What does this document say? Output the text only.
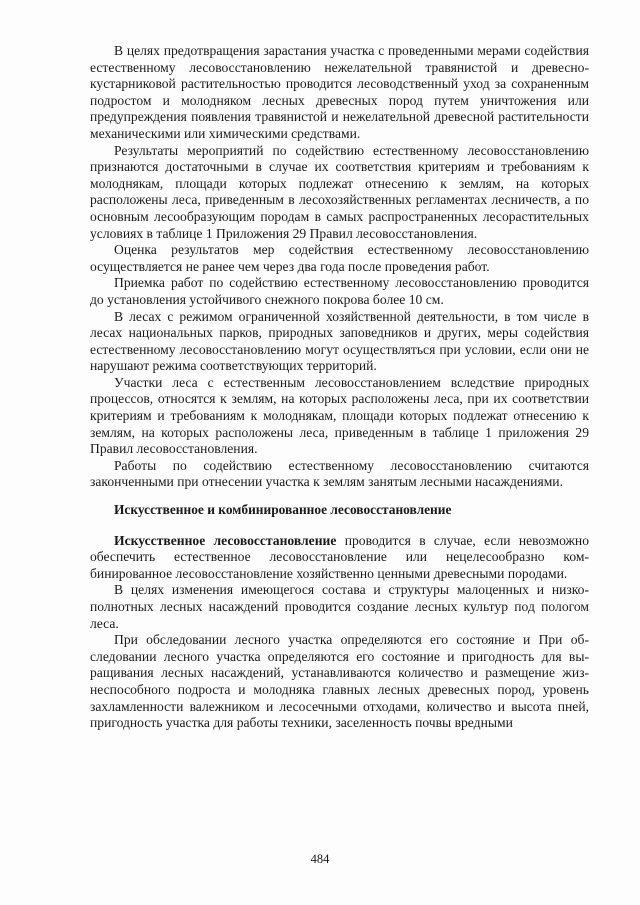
В целях предотвращения зарастания участка с проведенными мерами содействия естественному лесовосстановлению нежелательной травянистой и древесно-кустарниковой растительностью проводится лесоводственный уход за сохраненным подростом и молодняком лесных древесных пород путем уничтожения или предупреждения появления травянистой и нежелательной древесной растительности механическими или химическими средствами.

Результаты мероприятий по содействию естественному лесовосстановлению признаются достаточными в случае их соответствия критериям и требованиям к молоднякам, площади которых подлежат отнесению к землям, на которых расположены леса, приведенным в лесохозяйственных регламентах лесничеств, а по основным лесообразующим породам в самых распространенных лесорастительных условиях в таблице 1 Приложения 29 Правил лесовосстановления.

Оценка результатов мер содействия естественному лесовосстановлению осуществляется не ранее чем через два года после проведения работ.

Приемка работ по содействию естественному лесовосстановлению проводится до установления устойчивого снежного покрова более 10 см.

В лесах с режимом ограниченной хозяйственной деятельности, в том числе в лесах национальных парков, природных заповедников и других, меры содействия естественному лесовосстановлению могут осуществляться при условии, если они не нарушают режима соответствующих территорий.

Участки леса с естественным лесовосстановлением вследствие природных процессов, относятся к землям, на которых расположены леса, при их соответствии критериям и требованиям к молоднякам, площади которых подлежат отнесению к землям, на которых расположены леса, приведенным в таблице 1 приложения 29 Правил лесовосстановления.

Работы по содействию естественному лесовосстановлению считаются законченными при отнесении участка к землям занятым лесными насаждениями.

Искусственное и комбинированное лесовосстановление

Искусственное лесовосстановление проводится в случае, если невозможно обеспечить естественное лесовосстановление или нецелесообразно комбинированное лесовосстановление хозяйственно ценными древесными породами.

В целях изменения имеющегося состава и структуры малоценных и низкополнотных лесных насаждений проводится создание лесных культур под пологом леса.

При обследовании лесного участка определяются его состояние и При обследовании лесного участка определяются его состояние и пригодность для выращивания лесных насаждений, устанавливаются количество и размещение жизнеспособного подроста и молодняка главных лесных древесных пород, уровень захламленности валежником и лесосечными отходами, количество и высота пней, пригодность участка для работы техники, заселенность почвы вредными

484
